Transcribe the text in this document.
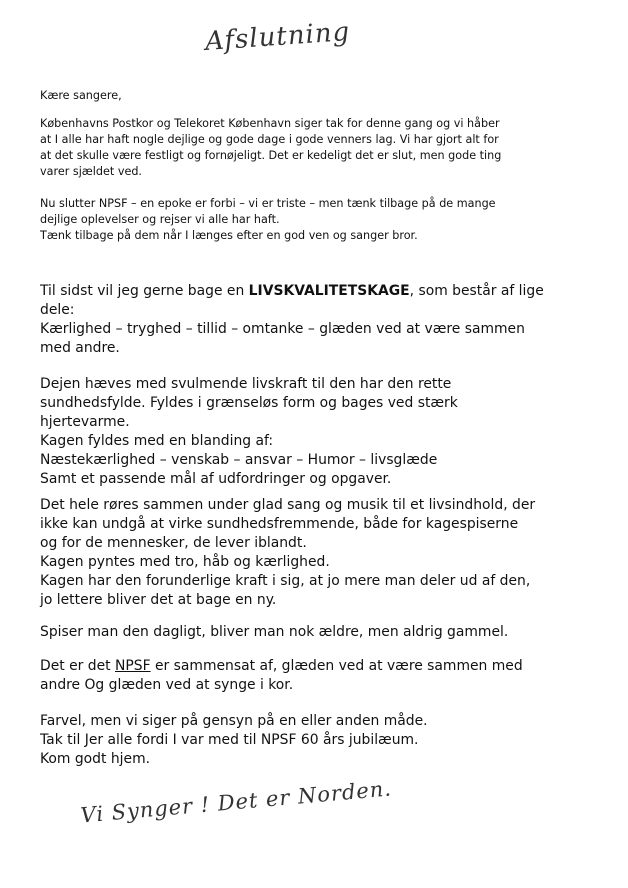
Afslutning
Kære sangere,
Københavns Postkor og Telekoret København siger tak for denne gang og vi håber
at I alle har haft nogle dejlige og gode dage i gode venners lag. Vi har gjort alt for
at det skulle være festligt og fornøjeligt. Det er kedeligt det er slut, men gode ting
varer sjældet ved.
Nu slutter NPSF – en epoke er forbi – vi er triste – men tænk tilbage på de mange
dejlige oplevelser og rejser vi alle har haft.
Tænk tilbage på dem når I længes efter en god ven og sanger bror.
Til sidst vil jeg gerne bage en LIVSKVALITETSKAGE, som består af lige
dele:
Kærlighed – tryghed – tillid – omtanke – glæden ved at være sammen
med andre.
Dejen hæves med svulmende livskraft til den har den rette
sundhedsfylde. Fyldes i grænseløs form og bages ved stærk
hjertevarme.
Kagen fyldes med en blanding af:
Næstekærlighed – venskab – ansvar – Humor – livsglæde
Samt et passende mål af udfordringer og opgaver.
Det hele røres sammen under glad sang og musik til et livsindhold, der
ikke kan undgå at virke sundhedsfremmende, både for kagespiserne
og for de mennesker, de lever iblandt.
Kagen pyntes med tro, håb og kærlighed.
Kagen har den forunderlige kraft i sig, at jo mere man deler ud af den,
jo lettere bliver det at bage en ny.
Spiser man den dagligt, bliver man nok ældre, men aldrig gammel.
Det er det NPSF er sammensat af, glæden ved at være sammen med
andre Og glæden ved at synge i kor.
Farvel, men vi siger på gensyn på en eller anden måde.
Tak til Jer alle fordi I var med til NPSF 60 års jubilæum.
Kom godt hjem.
Vi Synger ! Det er Norden.
